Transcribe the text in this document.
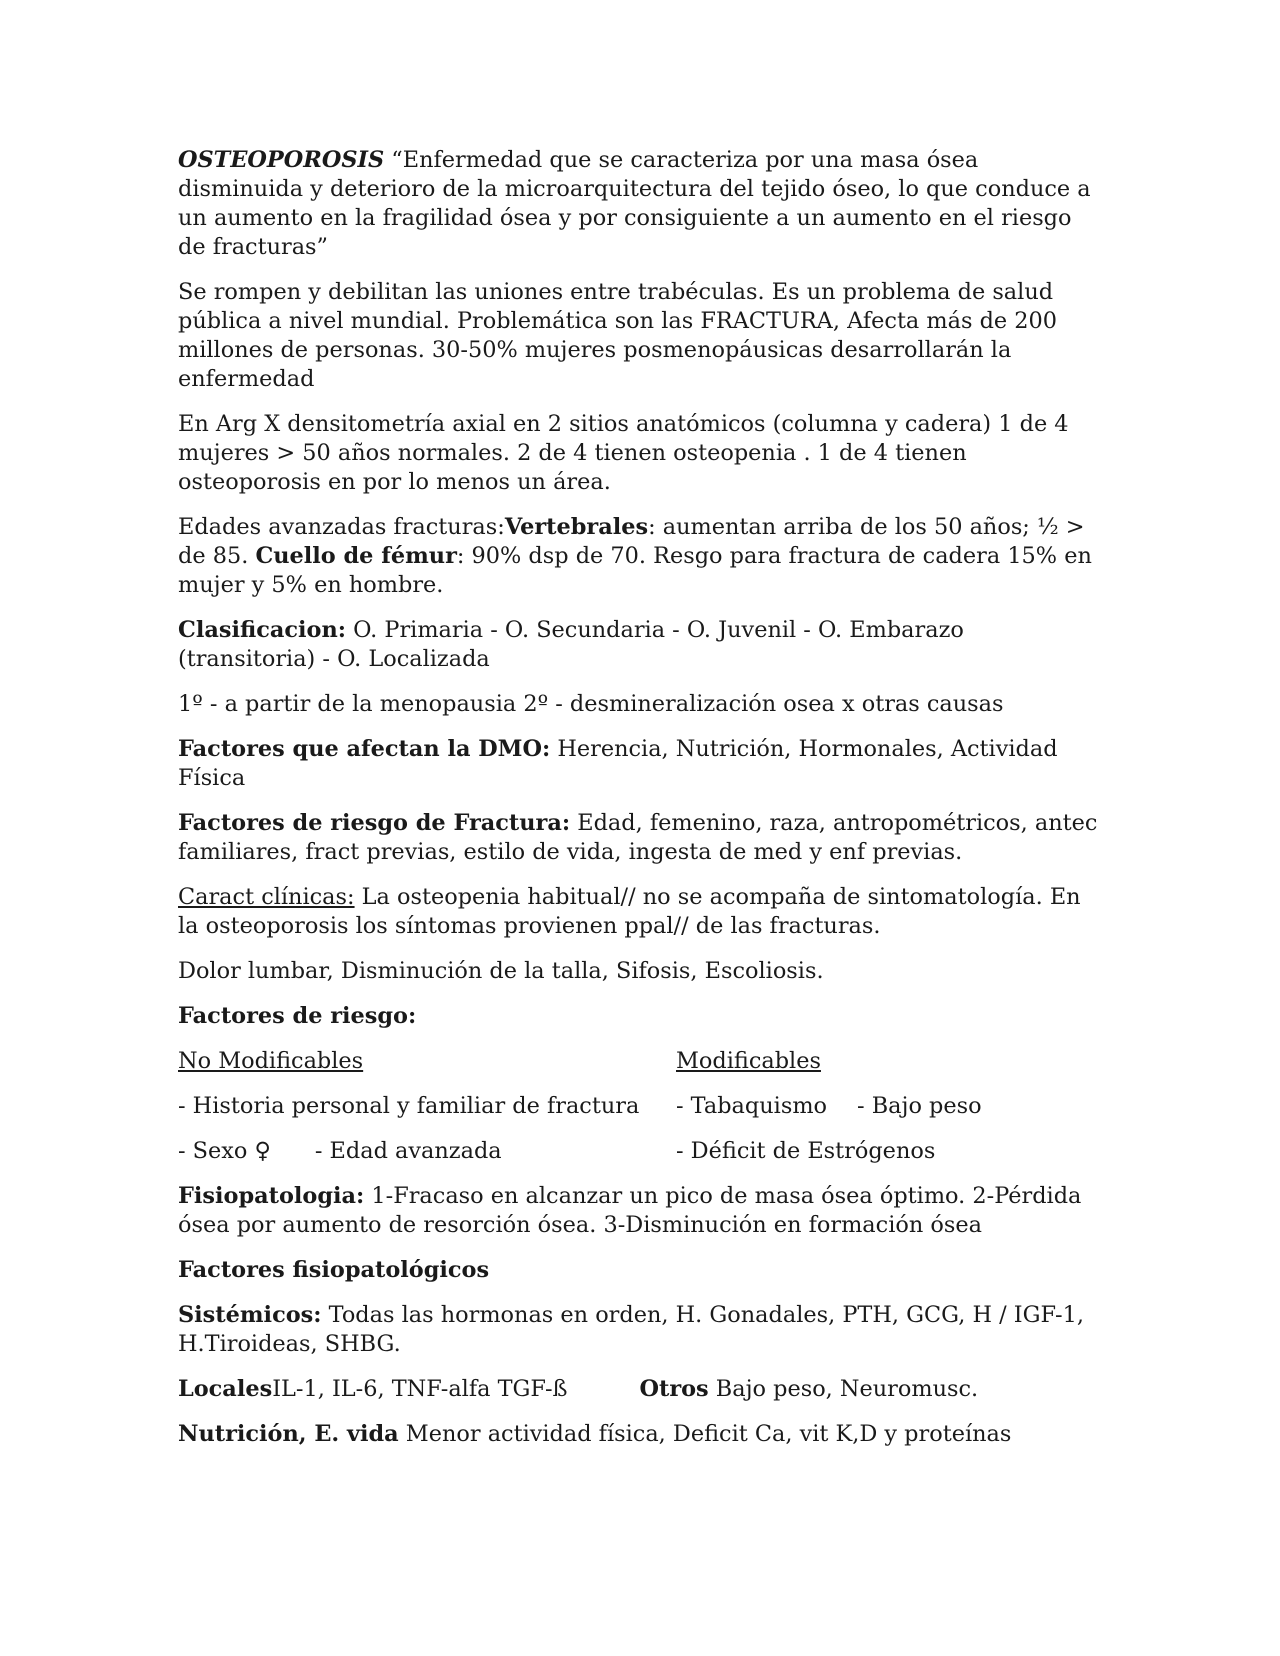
OSTEOPOROSIS “Enfermedad que se caracteriza por una masa ósea disminuida y deterioro de la microarquitectura del tejido óseo, lo que conduce a un aumento en la fragilidad ósea y por consiguiente a un aumento en el riesgo de fracturas”

Se rompen y debilitan las uniones entre trabéculas. Es un problema de salud pública a nivel mundial. Problemática son las FRACTURA, Afecta más de 200 millones de personas. 30-50% mujeres posmenopáusicas desarrollarán la enfermedad

En Arg X densitometría axial en 2 sitios anatómicos (columna y cadera) 1 de 4 mujeres > 50 años normales. 2 de 4 tienen osteopenia . 1 de 4 tienen osteoporosis en por lo menos un área.

Edades avanzadas fracturas:Vertebrales: aumentan arriba de los 50 años; ½ > de 85. Cuello de fémur: 90% dsp de 70. Resgo para fractura de cadera 15% en mujer y 5% en hombre.

Clasificacion: O. Primaria - O. Secundaria - O. Juvenil - O. Embarazo (transitoria) - O. Localizada

1º - a partir de la menopausia 2º - desmineralización osea x otras causas

Factores que afectan la DMO: Herencia, Nutrición, Hormonales, Actividad Física

Factores de riesgo de Fractura: Edad, femenino, raza, antropométricos, antec familiares, fract previas, estilo de vida, ingesta de med y enf previas.

Caract clínicas: La osteopenia habitual// no se acompaña de sintomatología. En la osteoporosis los síntomas provienen ppal// de las fracturas.

Dolor lumbar, Disminución de la talla, Sifosis, Escoliosis.

Factores de riesgo:

No Modificables
- Historia personal y familiar de fractura
- Sexo ♀ - Edad avanzada
Modificables
- Tabaquismo - Bajo peso
- Déficit de Estrógenos

Fisiopatologia: 1-Fracaso en alcanzar un pico de masa ósea óptimo. 2-Pérdida ósea por aumento de resorción ósea. 3-Disminución en formación ósea

Factores fisiopatológicos

Sistémicos: Todas las hormonas en orden, H. Gonadales, PTH, GCG, H / IGF-1, H.Tiroideas, SHBG.

LocalesIL-1, IL-6, TNF-alfa TGF-ß	Otros Bajo peso, Neuromusc.

Nutrición, E. vida Menor actividad física, Deficit Ca, vit K,D y proteínas
